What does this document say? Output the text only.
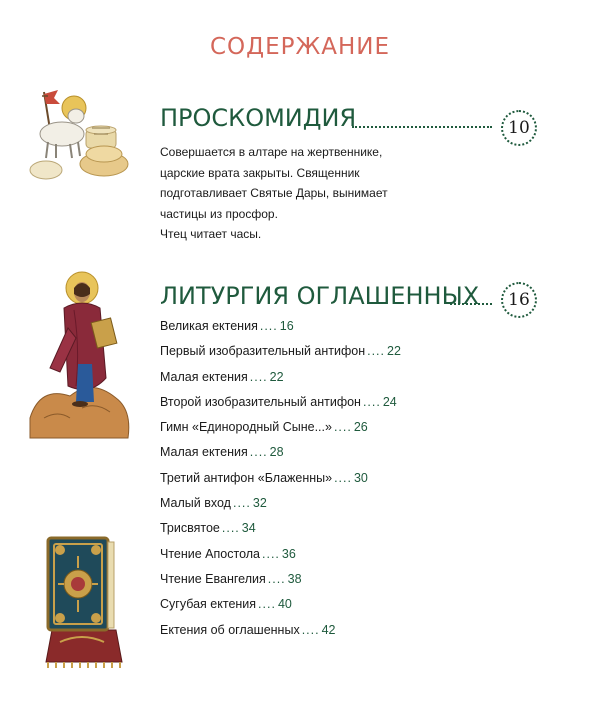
СОДЕРЖАНИЕ
ПРОСКОМИДИЯ	10
Совершается в алтаре на жертвеннике,
царские врата закрыты. Священник
подготавливает Святые Дары, вынимает
частицы из просфор.
Чтец читает часы.
ЛИТУРГИЯ ОГЛАШЕННЫХ	16
Великая ектения .... 16
Первый изобразительный антифон .... 22
Малая ектения .... 22
Второй изобразительный антифон .... 24
Гимн «Единородный Сыне...» .... 26
Малая ектения .... 28
Третий антифон «Блаженны» .... 30
Малый вход .... 32
Трисвятое .... 34
Чтение Апостола .... 36
Чтение Евангелия .... 38
Сугубая ектения .... 40
Ектения об оглашенных .... 42
